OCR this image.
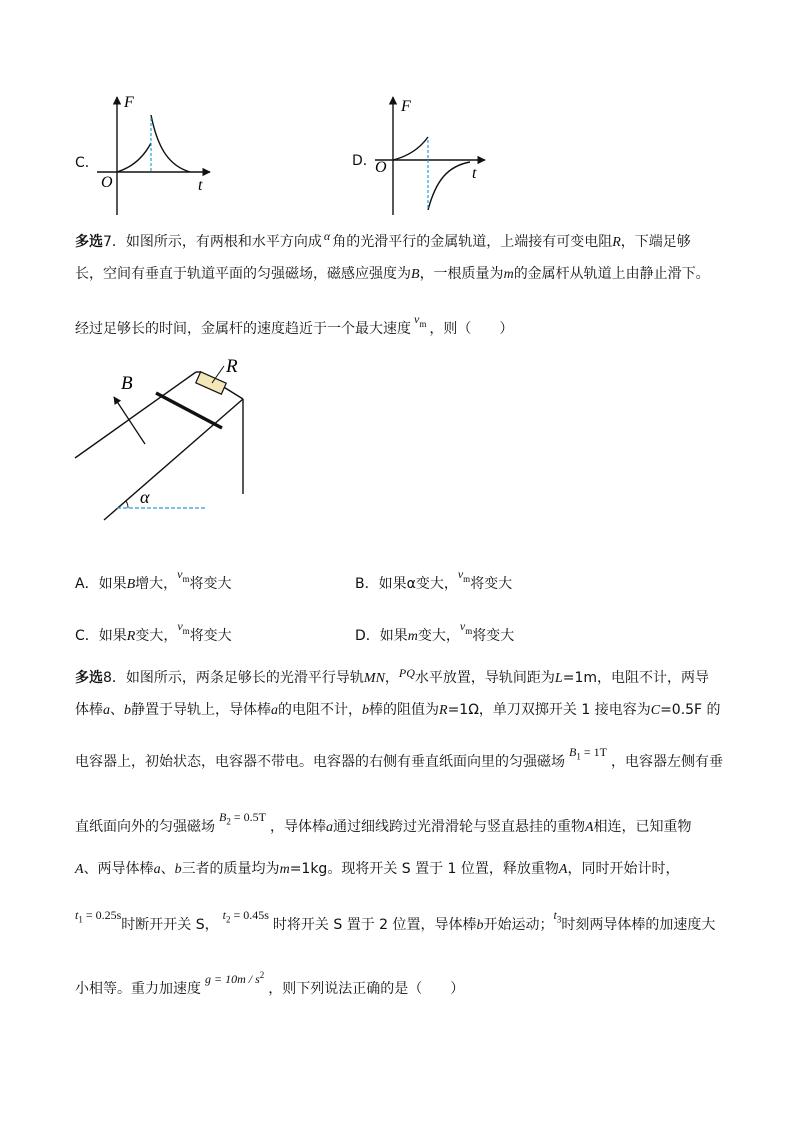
C．
F
O	t
D．
F
O	t
多选7．如图所示，有两根和水平方向成 α 角的光滑平行的金属轨道，上端接有可变电阻R，下端足够
长，空间有垂直于轨道平面的匀强磁场，磁感应强度为B，一根质量为m的金属杆从轨道上由静止滑下。
经过足够长的时间，金属杆的速度趋近于一个最大速度$v_m$ ，则（　　）
B
R
α
A．如果B增大，$v_m$将变大	B．如果α变大，$v_m$将变大
C．如果R变大，$v_m$将变大	D．如果m变大，$v_m$将变大
多选8．如图所示，两条足够长的光滑平行导轨MN，PQ水平放置，导轨间距为L=1m，电阻不计，两导
体棒a、b静置于导轨上，导体棒a的电阻不计，b棒的阻值为R=1Ω，单刀双掷开关 1 接电容为C=0.5F 的
电容器上，初始状态，电容器不带电。电容器的右侧有垂直纸面向里的匀强磁场$B_1 = 1T$，电容器左侧有垂
直纸面向外的匀强磁场$B_2 = 0.5T$，导体棒a通过细线跨过光滑滑轮与竖直悬挂的重物A相连，已知重物
A、两导体棒a、b三者的质量均为m=1kg。现将开关 S 置于 1 位置，释放重物A，同时开始计时，
$t_1 = 0.25s$时断开开关 S，$t_2 = 0.45s$时将开关 S 置于 2 位置，导体棒b开始运动；$t_3$时刻两导体棒的加速度大
小相等。重力加速度$g = 10m / s^2$，则下列说法正确的是（　　）
